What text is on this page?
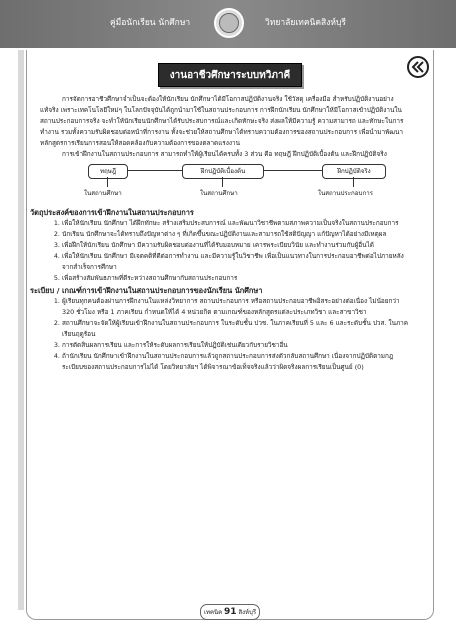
คู่มือนักเรียน นักศึกษา	วิทยาลัยเทคนิคสิงห์บุรี
งานอาชีวศึกษาระบบทวิภาคี

การจัดการอาชีวศึกษาจำเป็นจะต้องให้นักเรียน นักศึกษาได้มีโอกาสปฏิบัติงานจริง ใช้วัสดุ เครื่องมือ สำหรับปฏิบัติงานอย่างแท้จริง เพราะเทคโนโลยีใหม่ๆ ในโลกปัจจุบันได้ถูกนำมาใช้ในสถานประกอบการ การฝึกนักเรียน นักศึกษาให้มีโอกาสเข้าปฏิบัติงานในสถานประกอบการจริง จะทำให้นักเรียนนักศึกษาได้รับประสบการณ์และเกิดทักษะจริง ส่งผลให้มีความรู้ ความสามารถ และทักษะในการทำงาน รวมทั้งความรับผิดชอบต่อหน้าที่การงาน ทั้งจะช่วยให้สถานศึกษาได้ทราบความต้องการของสถานประกอบการ เพื่อนำมาพัฒนาหลักสูตรการเรียนการสอนให้สอดคล้องกับความต้องการของตลาดแรงงาน

การเข้าฝึกงานในสถานประกอบการ สามารถทำให้ผู้เรียนได้ครบทั้ง 3 ส่วน คือ ทฤษฎี ฝึกปฏิบัติเบื้องต้น และฝึกปฏิบัติจริง

ทฤษฎี	ฝึกปฏิบัติเบื้องต้น	ฝึกปฏิบัติจริง
ในสถานศึกษา	ในสถานศึกษา	ในสถานประกอบการ

วัตถุประสงค์ของการเข้าฝึกงานในสถานประกอบการ

1. เพื่อให้นักเรียน นักศึกษา ได้ฝึกทักษะ สร้างเสริมประสบการณ์ และพัฒนาวิชาชีพตามสภาพความเป็นจริงในสถานประกอบการ
2. นักเรียน นักศึกษาจะได้ทราบถึงปัญหาต่าง ๆ ที่เกิดขึ้นขณะปฏิบัติงานและสามารถใช้สติปัญญา แก้ปัญหาได้อย่างมีเหตุผล
3. เพื่อฝึกให้นักเรียน นักศึกษา มีความรับผิดชอบต่องานที่ได้รับมอบหมาย เคารพระเบียบวินัย และทำงานร่วมกับผู้อื่นได้
4. เพื่อให้นักเรียน นักศึกษา มีเจตคติที่ดีต่อการทำงาน และมีความรู้ในวิชาชีพ เพื่อเป็นแนวทางในการประกอบอาชีพต่อไปภายหลังจากสำเร็จการศึกษา
5. เพื่อสร้างสัมพันธภาพที่ดีระหว่างสถานศึกษากับสถานประกอบการ

ระเบียบ / เกณฑ์การเข้าฝึกงานในสถานประกอบการของนักเรียน นักศึกษา

1. ผู้เรียนทุกคนต้องผ่านการฝึกงานในแหล่งวิทยาการ สถานประกอบการ หรือสถานประกอบอาชีพอิสระอย่างต่อเนื่อง ไม่น้อยกว่า 320 ชั่วโมง หรือ 1 ภาคเรียน กำหนดให้ได้ 4 หน่วยกิต ตามเกณฑ์ของหลักสูตรแต่ละประเภทวิชา และสาขาวิชา
2. สถานศึกษาจะจัดให้ผู้เรียนเข้าฝึกงานในสถานประกอบการ ในระดับชั้น ปวช. ในภาคเรียนที่ 5 และ 6 และระดับชั้น ปวส. ในภาคเรียนฤดูร้อน
3. การตัดสินผลการเรียน และการให้ระดับผลการเรียนให้ปฏิบัติเช่นเดียวกับรายวิชาอื่น
4. ถ้านักเรียน นักศึกษาเข้าฝึกงานในสถานประกอบการแล้วถูกสถานประกอบการส่งตัวกลับสถานศึกษา เนื่องจากปฏิบัติตามกฎระเบียบของสถานประกอบการไม่ได้ โดยวิทยาลัยฯ ได้พิจารณาข้อเท็จจริงแล้วว่าผิดจริงผลการเรียนเป็นศูนย์ (0)
เทคนิค 91 สิงห์บุรี
